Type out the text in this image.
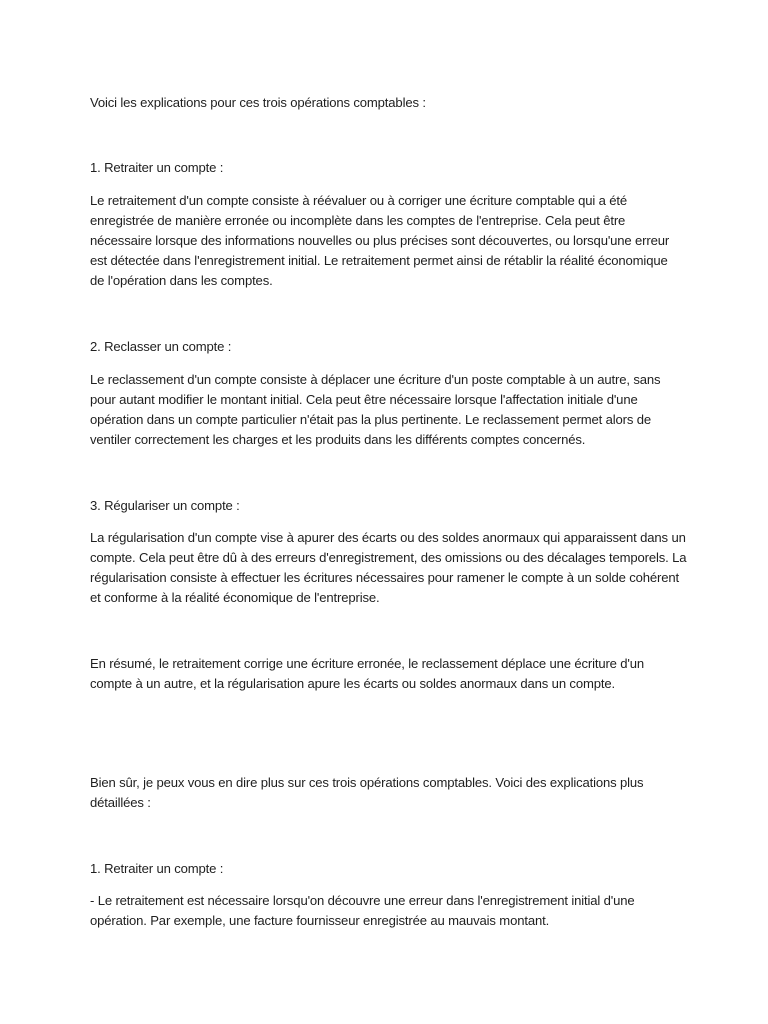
Voici les explications pour ces trois opérations comptables :

1. Retraiter un compte :

Le retraitement d'un compte consiste à réévaluer ou à corriger une écriture comptable qui a été
enregistrée de manière erronée ou incomplète dans les comptes de l'entreprise. Cela peut être
nécessaire lorsque des informations nouvelles ou plus précises sont découvertes, ou lorsqu'une erreur
est détectée dans l'enregistrement initial. Le retraitement permet ainsi de rétablir la réalité économique
de l'opération dans les comptes.

2. Reclasser un compte :

Le reclassement d'un compte consiste à déplacer une écriture d'un poste comptable à un autre, sans
pour autant modifier le montant initial. Cela peut être nécessaire lorsque l'affectation initiale d'une
opération dans un compte particulier n'était pas la plus pertinente. Le reclassement permet alors de
ventiler correctement les charges et les produits dans les différents comptes concernés.

3. Régulariser un compte :

La régularisation d'un compte vise à apurer des écarts ou des soldes anormaux qui apparaissent dans un
compte. Cela peut être dû à des erreurs d'enregistrement, des omissions ou des décalages temporels. La
régularisation consiste à effectuer les écritures nécessaires pour ramener le compte à un solde cohérent
et conforme à la réalité économique de l'entreprise.

En résumé, le retraitement corrige une écriture erronée, le reclassement déplace une écriture d'un
compte à un autre, et la régularisation apure les écarts ou soldes anormaux dans un compte.

Bien sûr, je peux vous en dire plus sur ces trois opérations comptables. Voici des explications plus
détaillées :

1. Retraiter un compte :

- Le retraitement est nécessaire lorsqu'on découvre une erreur dans l'enregistrement initial d'une
opération. Par exemple, une facture fournisseur enregistrée au mauvais montant.
